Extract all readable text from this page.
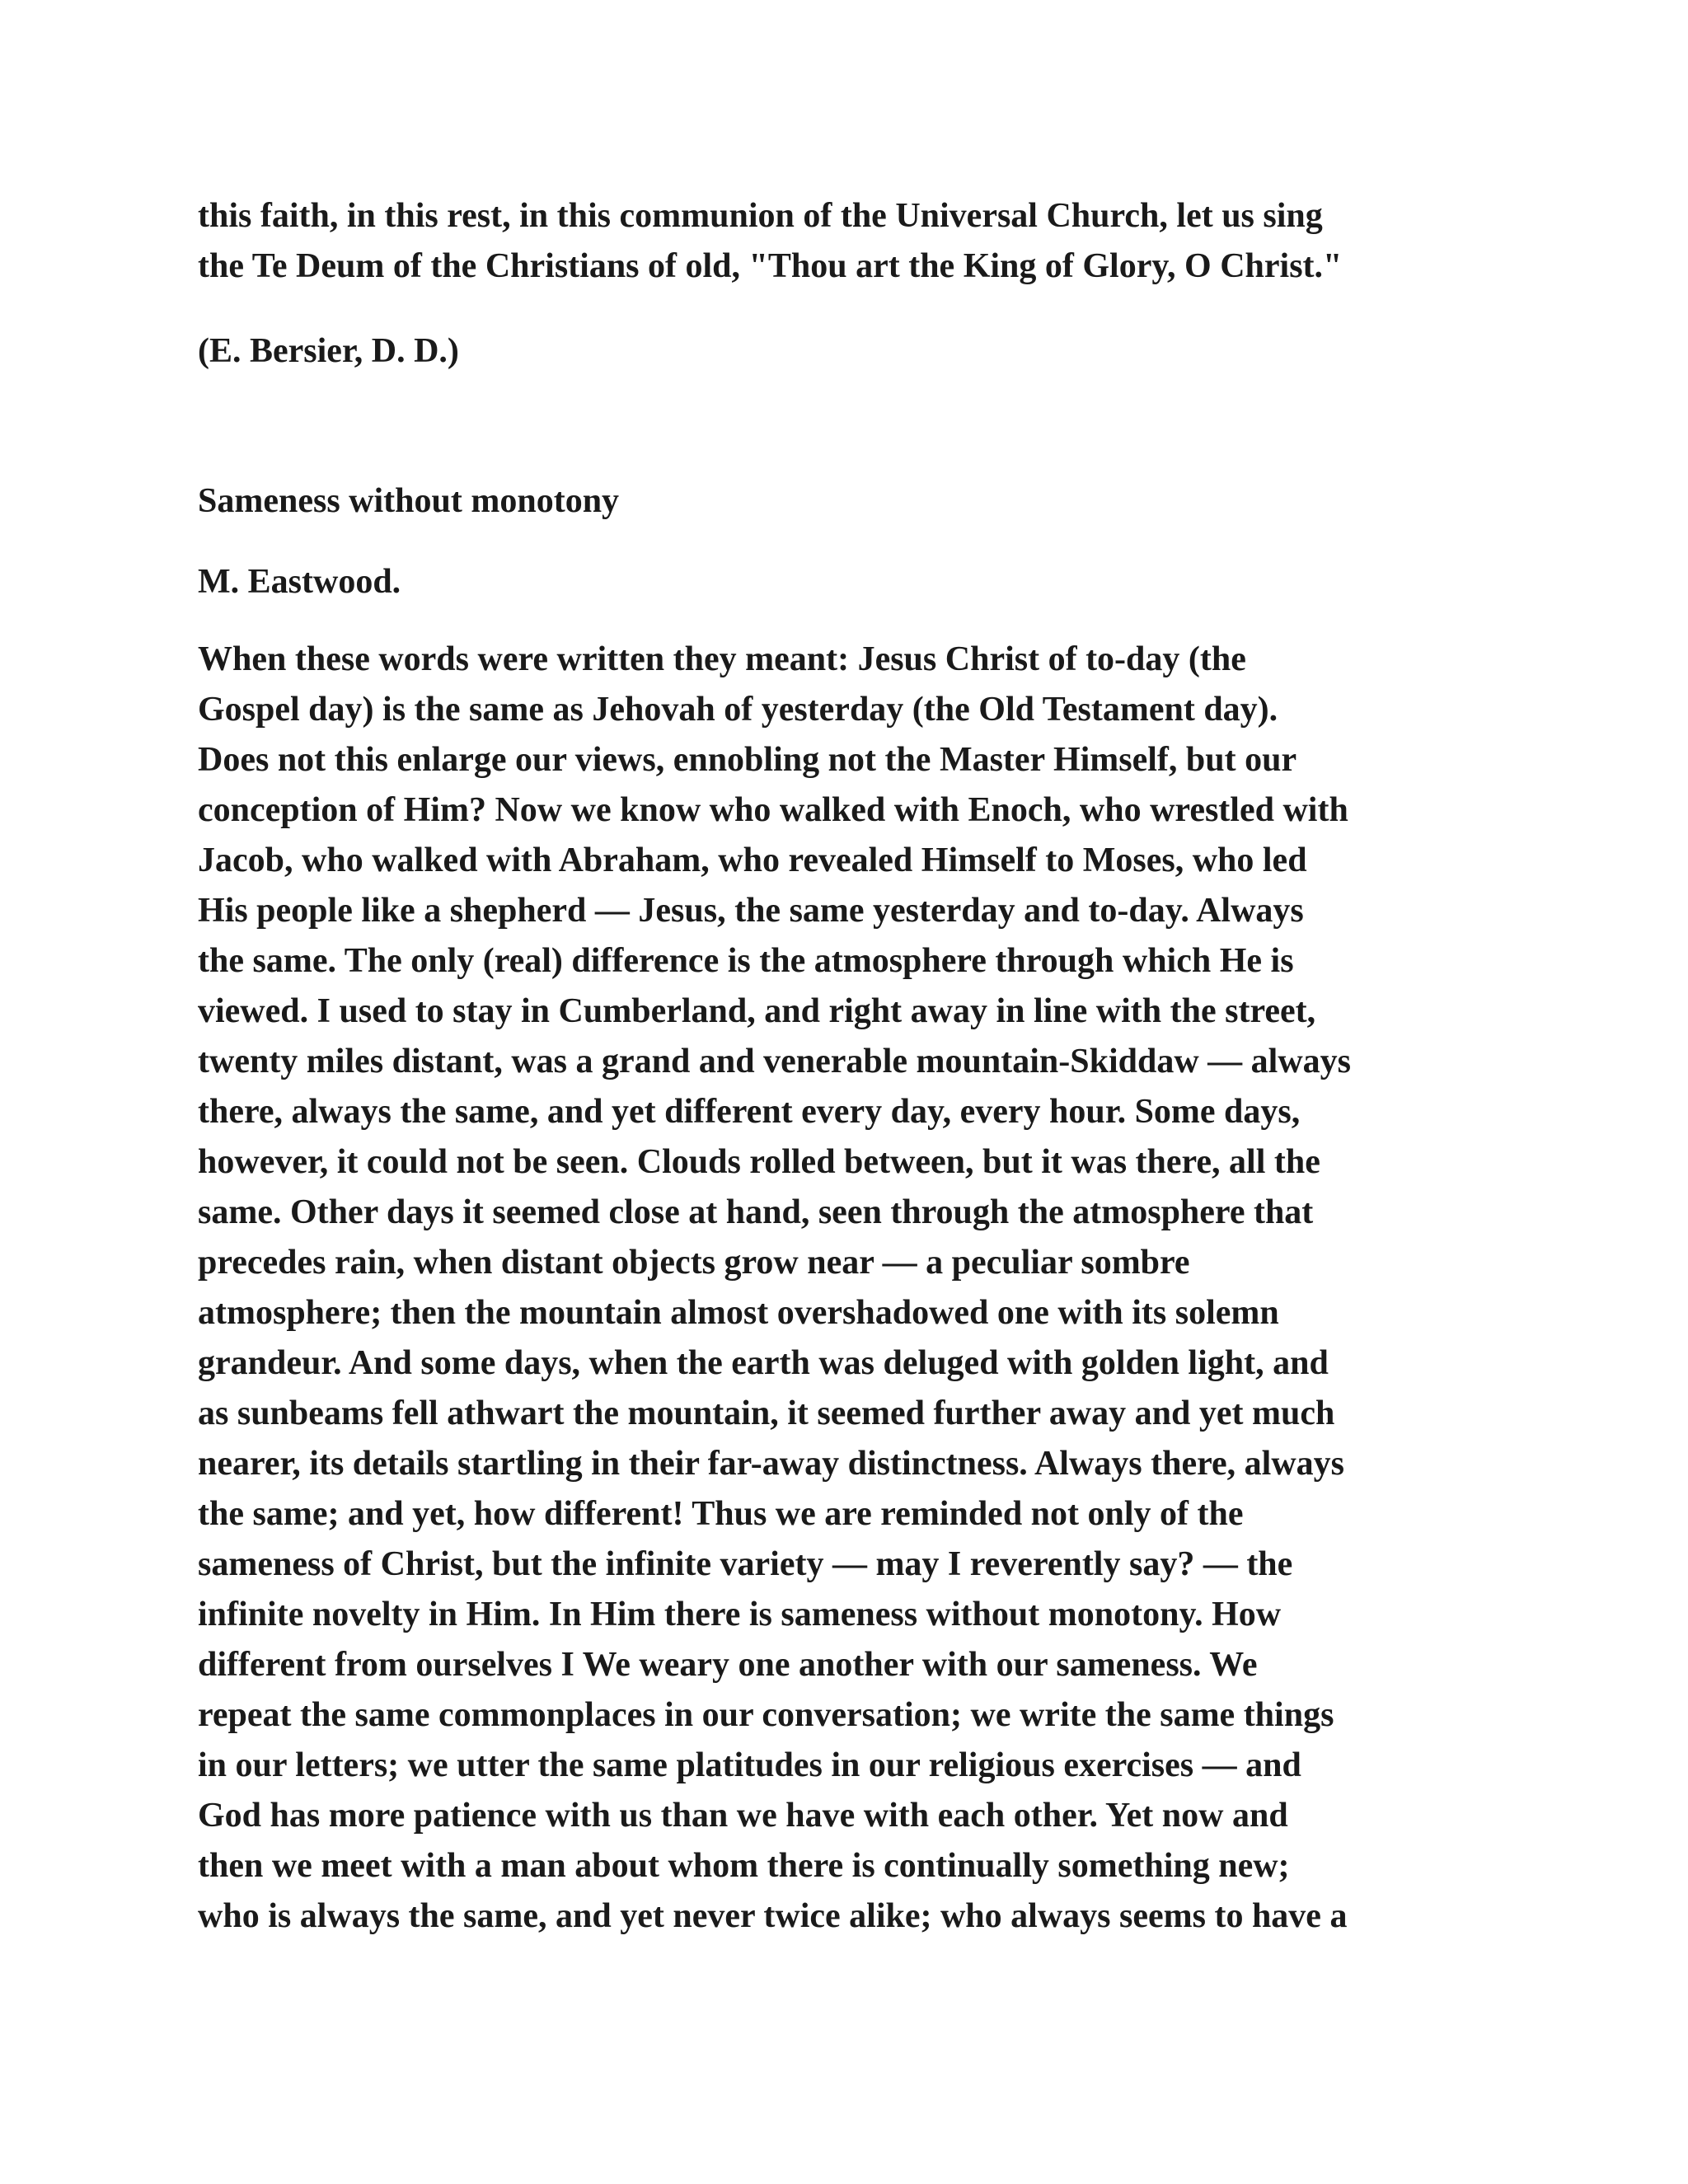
this faith, in this rest, in this communion of the Universal Church, let us sing
the Te Deum of the Christians of old, "Thou art the King of Glory, O Christ."
(E. Bersier, D. D.)
Sameness without monotony
M. Eastwood.
When these words were written they meant: Jesus Christ of to-day (the
Gospel day) is the same as Jehovah of yesterday (the Old Testament day).
Does not this enlarge our views, ennobling not the Master Himself, but our
conception of Him? Now we know who walked with Enoch, who wrestled with
Jacob, who walked with Abraham, who revealed Himself to Moses, who led
His people like a shepherd — Jesus, the same yesterday and to-day. Always
the same. The only (real) difference is the atmosphere through which He is
viewed. I used to stay in Cumberland, and right away in line with the street,
twenty miles distant, was a grand and venerable mountain-Skiddaw — always
there, always the same, and yet different every day, every hour. Some days,
however, it could not be seen. Clouds rolled between, but it was there, all the
same. Other days it seemed close at hand, seen through the atmosphere that
precedes rain, when distant objects grow near — a peculiar sombre
atmosphere; then the mountain almost overshadowed one with its solemn
grandeur. And some days, when the earth was deluged with golden light, and
as sunbeams fell athwart the mountain, it seemed further away and yet much
nearer, its details startling in their far-away distinctness. Always there, always
the same; and yet, how different! Thus we are reminded not only of the
sameness of Christ, but the infinite variety — may I reverently say? — the
infinite novelty in Him. In Him there is sameness without monotony. How
different from ourselves I We weary one another with our sameness. We
repeat the same commonplaces in our conversation; we write the same things
in our letters; we utter the same platitudes in our religious exercises — and
God has more patience with us than we have with each other. Yet now and
then we meet with a man about whom there is continually something new;
who is always the same, and yet never twice alike; who always seems to have a
